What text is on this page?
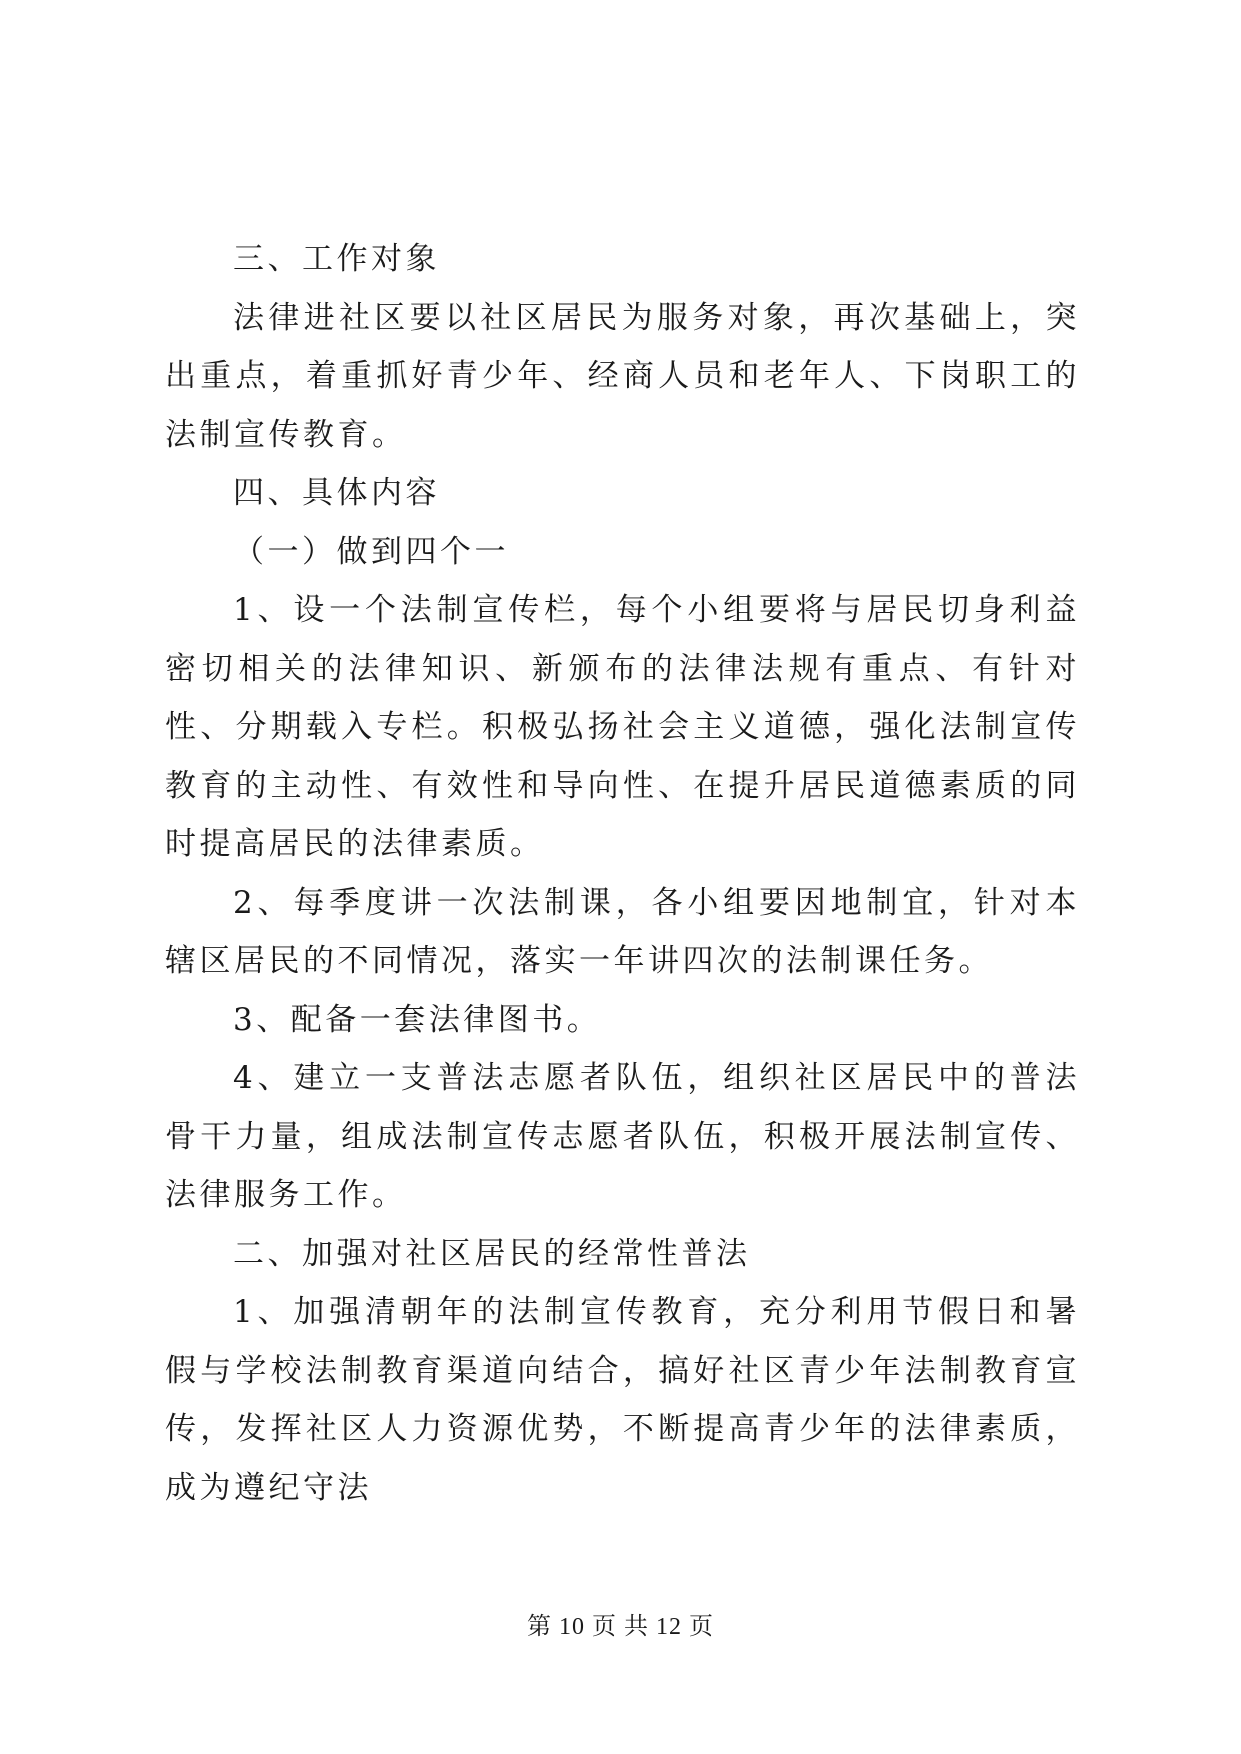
三、工作对象

法律进社区要以社区居民为服务对象，再次基础上，突出重点，着重抓好青少年、经商人员和老年人、下岗职工的法制宣传教育。

四、具体内容

（一）做到四个一

1、设一个法制宣传栏，每个小组要将与居民切身利益密切相关的法律知识、新颁布的法律法规有重点、有针对性、分期载入专栏。积极弘扬社会主义道德，强化法制宣传教育的主动性、有效性和导向性、在提升居民道德素质的同时提高居民的法律素质。

2、每季度讲一次法制课，各小组要因地制宜，针对本辖区居民的不同情况，落实一年讲四次的法制课任务。

3、配备一套法律图书。

4、建立一支普法志愿者队伍，组织社区居民中的普法骨干力量，组成法制宣传志愿者队伍，积极开展法制宣传、法律服务工作。

二、加强对社区居民的经常性普法

1、加强清朝年的法制宣传教育，充分利用节假日和暑假与学校法制教育渠道向结合，搞好社区青少年法制教育宣传，发挥社区人力资源优势，不断提高青少年的法律素质，成为遵纪守法

第 10 页 共 12 页
